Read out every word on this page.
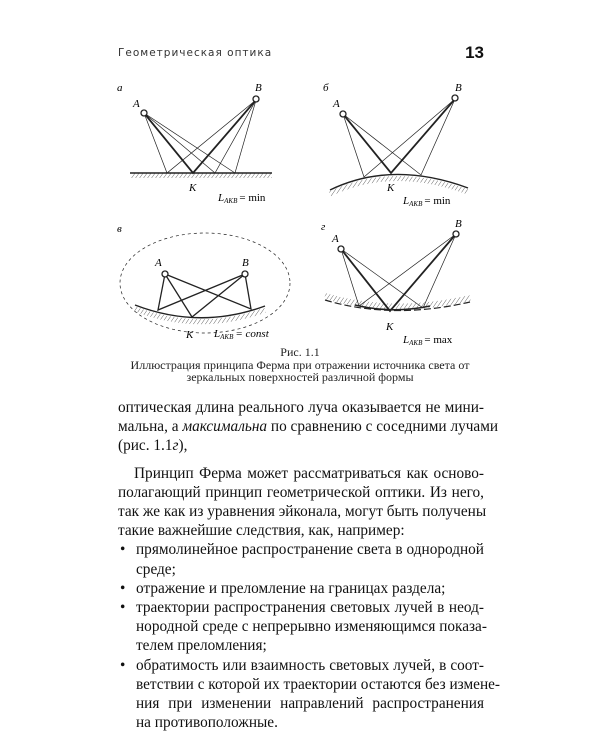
Геометрическая оптика	13
а
A
B
K
LAKB = min
б
A
B
K
LAKB = min
в
A	B
K LAKB = const
г
A
B
K
LAKB = max
Рис. 1.1
Иллюстрация принципа Ферма при отражении источника света от
зеркальных поверхностей различной формы
оптическая длина реального луча оказывается не мини-
мальна, а максимальна по сравнению с соседними лучами
(рис. 1.1г),
Принцип Ферма может рассматриваться как осново-
полагающий принцип геометрической оптики. Из него,
так же как из уравнения эйконала, могут быть получены
такие важнейшие следствия, как, например:
• прямолинейное распространение света в однородной
среде;
• отражение и преломление на границах раздела;
• траектории распространения световых лучей в неод-
нородной среде с непрерывно изменяющимся показа-
телем преломления;
• обратимость или взаимность световых лучей, в соот-
ветствии с которой их траектории остаются без измене-
ния при изменении направлений распространения
на противоположные.
